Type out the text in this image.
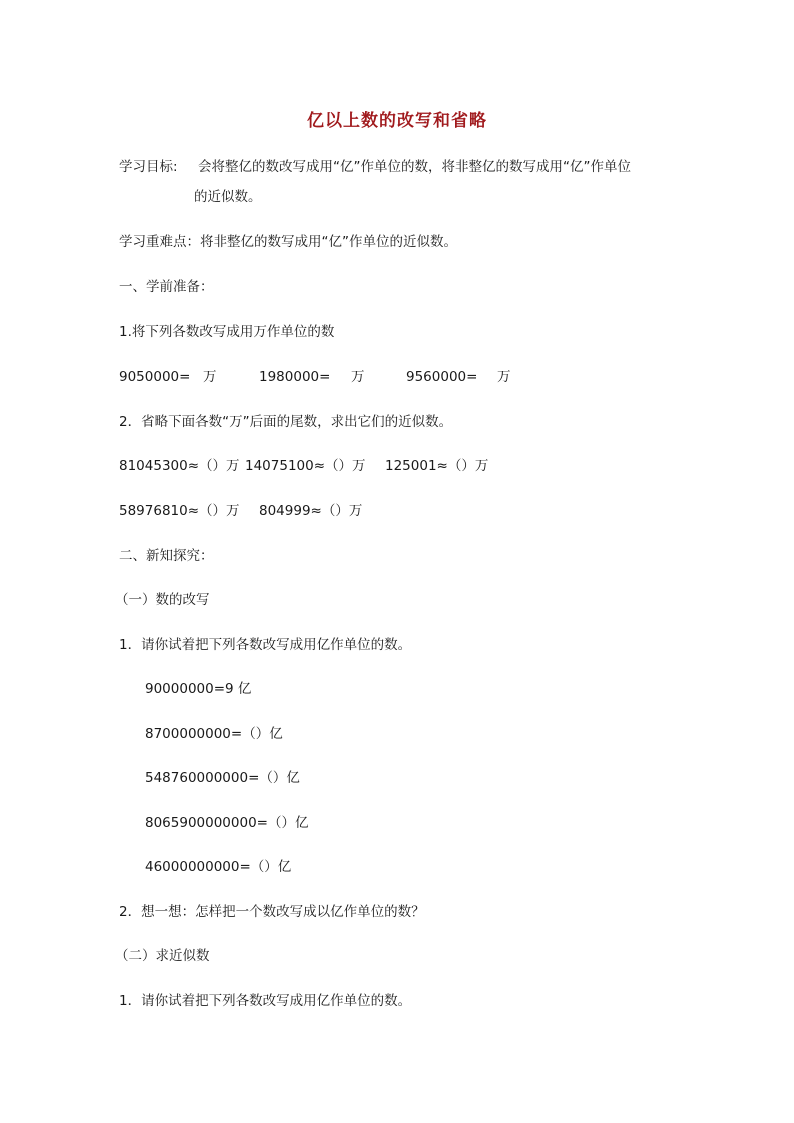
亿以上数的改写和省略
学习目标: 会将整亿的数改写成用“亿”作单位的数，将非整亿的数写成用“亿”作单位
的近似数。
学习重难点：将非整亿的数写成用“亿”作单位的近似数。
一、学前准备：
1.将下列各数改写成用万作单位的数
9050000= 万	1980000= 万	9560000= 万
2．省略下面各数“万”后面的尾数，求出它们的近似数。
81045300≈（）万 14075100≈（）万 125001≈（）万
58976810≈（）万 804999≈（）万
二、新知探究：
（一）数的改写
1．请你试着把下列各数改写成用亿作单位的数。
90000000=9 亿
8700000000=（）亿
548760000000=（）亿
8065900000000=（）亿
46000000000=（）亿
2．想一想：怎样把一个数改写成以亿作单位的数？
（二）求近似数
1．请你试着把下列各数改写成用亿作单位的数。
